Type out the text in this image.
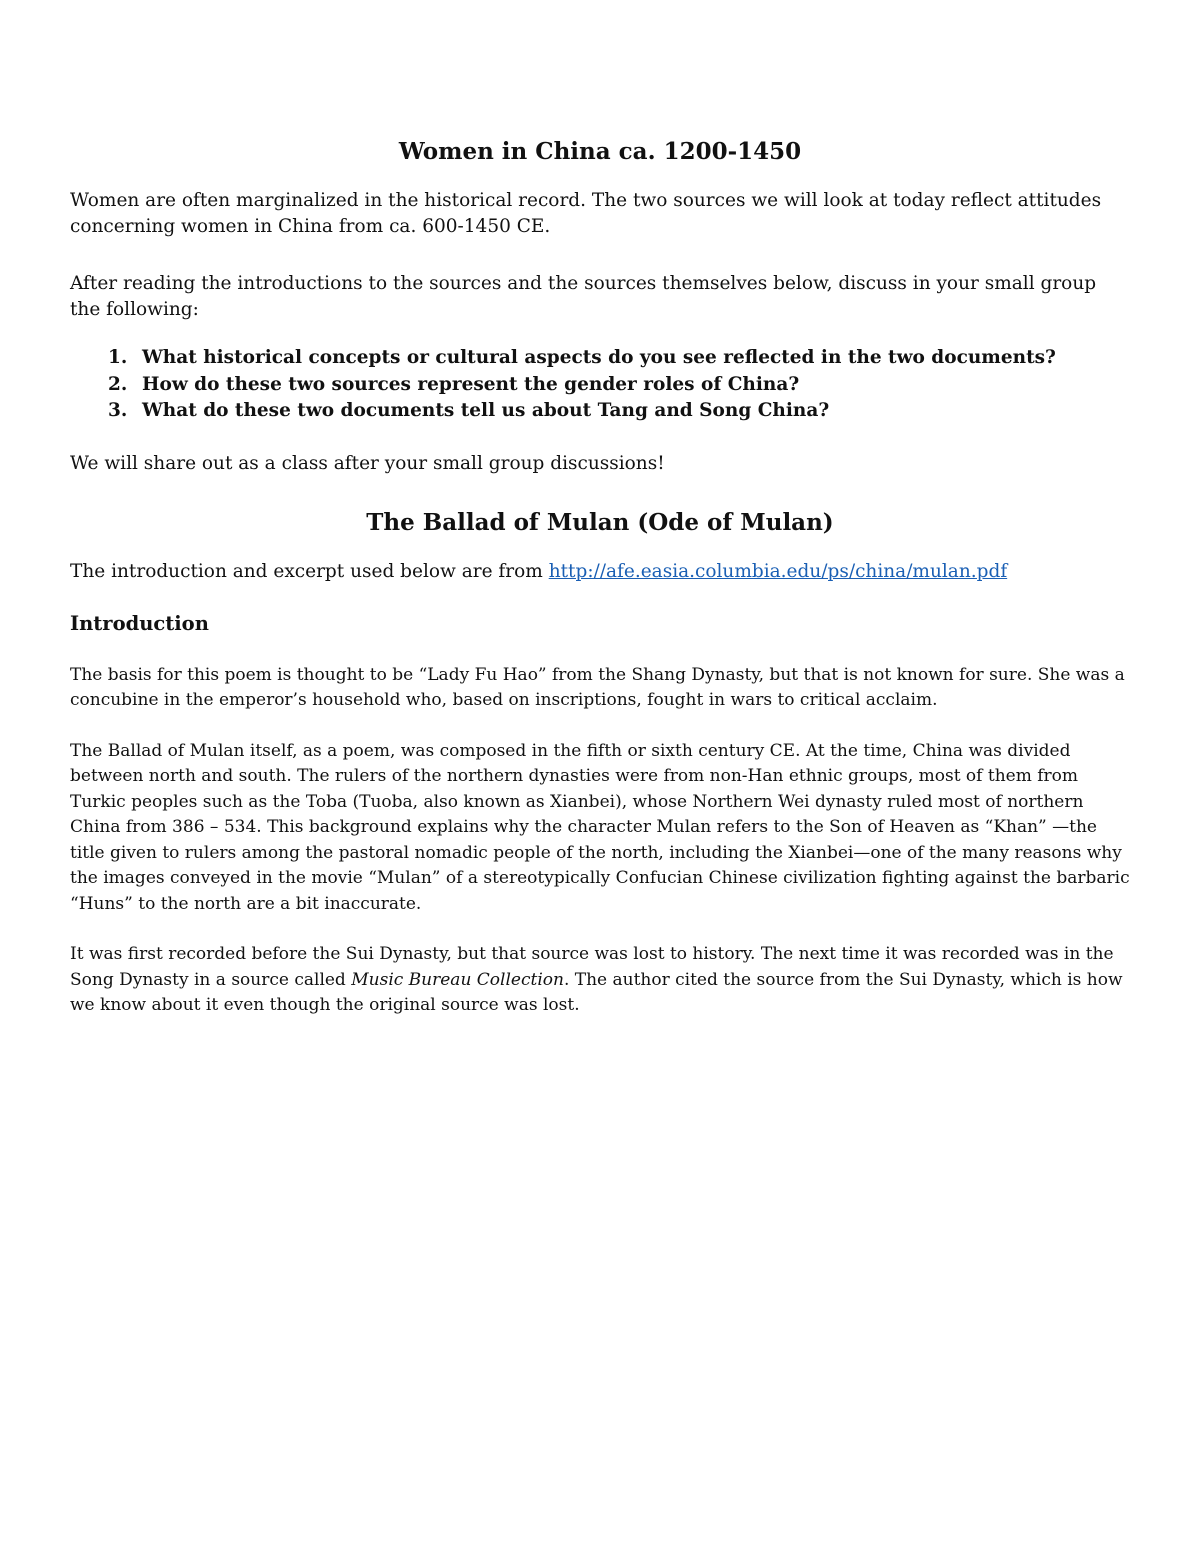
Women in China ca. 1200-1450

Women are often marginalized in the historical record. The two sources we will look at today reflect attitudes concerning women in China from ca. 600-1450 CE.

After reading the introductions to the sources and the sources themselves below, discuss in your small group the following:

1. What historical concepts or cultural aspects do you see reflected in the two documents?
2. How do these two sources represent the gender roles of China?
3. What do these two documents tell us about Tang and Song China?

We will share out as a class after your small group discussions!

The Ballad of Mulan (Ode of Mulan)

The introduction and excerpt used below are from http://afe.easia.columbia.edu/ps/china/mulan.pdf

Introduction

The basis for this poem is thought to be “Lady Fu Hao” from the Shang Dynasty, but that is not known for sure. She was a concubine in the emperor’s household who, based on inscriptions, fought in wars to critical acclaim.

The Ballad of Mulan itself, as a poem, was composed in the fifth or sixth century CE. At the time, China was divided between north and south. The rulers of the northern dynasties were from non-Han ethnic groups, most of them from Turkic peoples such as the Toba (Tuoba, also known as Xianbei), whose Northern Wei dynasty ruled most of northern China from 386 – 534. This background explains why the character Mulan refers to the Son of Heaven as “Khan” —the title given to rulers among the pastoral nomadic people of the north, including the Xianbei—one of the many reasons why the images conveyed in the movie “Mulan” of a stereotypically Confucian Chinese civilization fighting against the barbaric “Huns” to the north are a bit inaccurate.

It was first recorded before the Sui Dynasty, but that source was lost to history. The next time it was recorded was in the Song Dynasty in a source called Music Bureau Collection. The author cited the source from the Sui Dynasty, which is how we know about it even though the original source was lost.
